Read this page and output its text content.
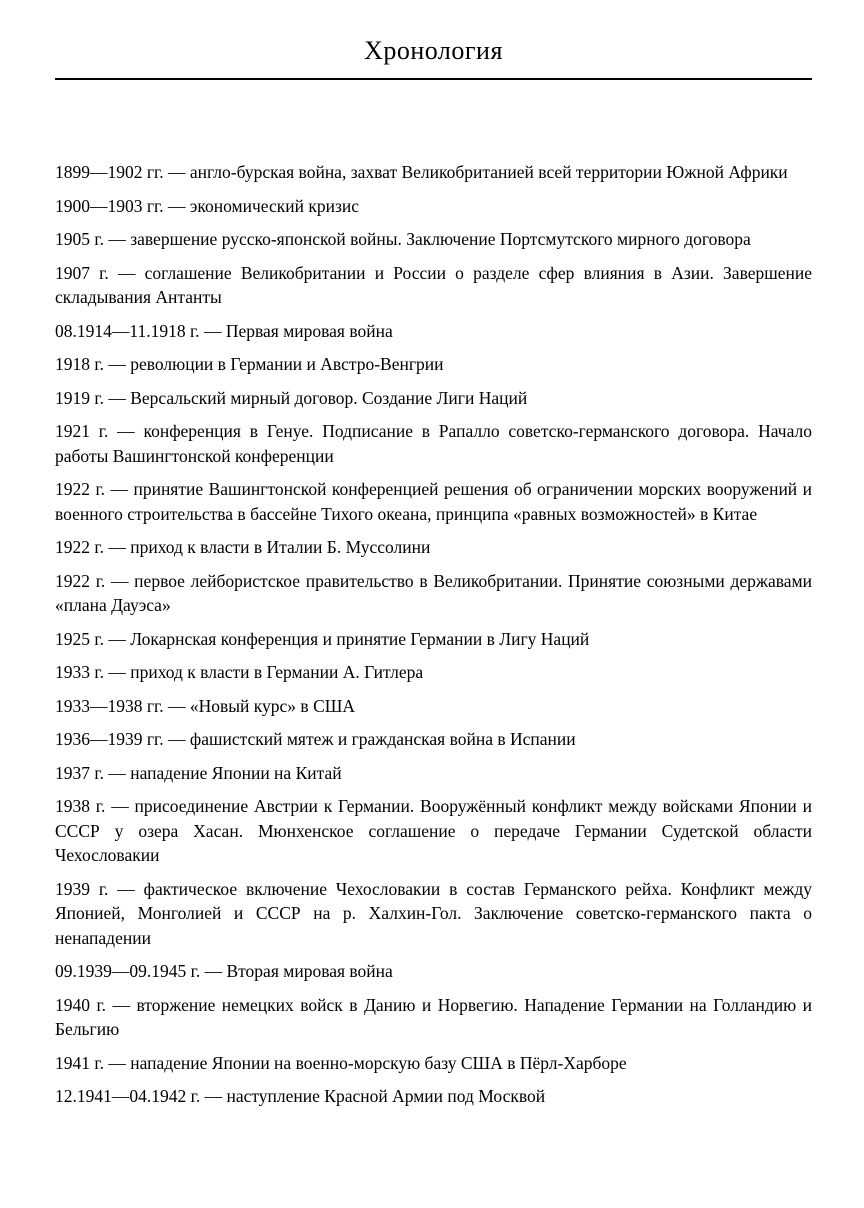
Хронология

1899—1902 гг. — англо-бурская война, захват Великобританией всей территории Южной Африки

1900—1903 гг. — экономический кризис

1905 г. — завершение русско-японской войны. Заключение Портсмутского мирного договора

1907 г. — соглашение Великобритании и России о разделе сфер влияния в Азии. Завершение складывания Антанты

08.1914—11.1918 г. — Первая мировая война

1918 г. — революции в Германии и Австро-Венгрии

1919 г. — Версальский мирный договор. Создание Лиги Наций

1921 г. — конференция в Генуе. Подписание в Рапалло советско-германского договора. Начало работы Вашингтонской конференции

1922 г. — принятие Вашингтонской конференцией решения об ограничении морских вооружений и военного строительства в бассейне Тихого океана, принципа «равных возможностей» в Китае

1922 г. — приход к власти в Италии Б. Муссолини

1922 г. — первое лейбористское правительство в Великобритании. Принятие союзными державами «плана Дауэса»

1925 г. — Локарнская конференция и принятие Германии в Лигу Наций

1933 г. — приход к власти в Германии А. Гитлера

1933—1938 гг. — «Новый курс» в США

1936—1939 гг. — фашистский мятеж и гражданская война в Испании

1937 г. — нападение Японии на Китай

1938 г. — присоединение Австрии к Германии. Вооружённый конфликт между войсками Японии и СССР у озера Хасан. Мюнхенское соглашение о передаче Германии Судетской области Чехословакии

1939 г. — фактическое включение Чехословакии в состав Германского рейха. Конфликт между Японией, Монголией и СССР на р. Халхин-Гол. Заключение советско-германского пакта о ненападении

09.1939—09.1945 г. — Вторая мировая война

1940 г. — вторжение немецких войск в Данию и Норвегию. Нападение Германии на Голландию и Бельгию

1941 г. — нападение Японии на военно-морскую базу США в Пёрл-Харборе

12.1941—04.1942 г. — наступление Красной Армии под Москвой
